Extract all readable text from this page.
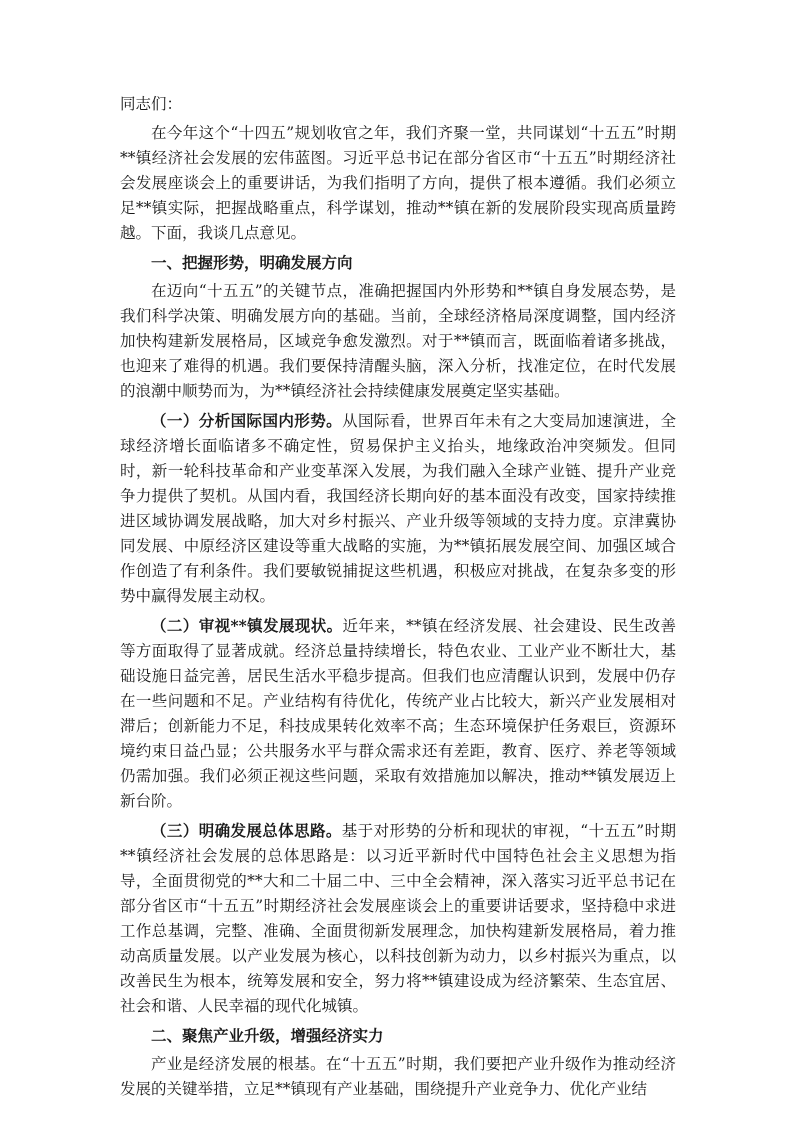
同志们：

在今年这个“十四五”规划收官之年，我们齐聚一堂，共同谋划“十五五”时期**镇经济社会发展的宏伟蓝图。习近平总书记在部分省区市“十五五”时期经济社会发展座谈会上的重要讲话，为我们指明了方向，提供了根本遵循。我们必须立足**镇实际，把握战略重点，科学谋划，推动**镇在新的发展阶段实现高质量跨越。下面，我谈几点意见。

一、把握形势，明确发展方向

在迈向“十五五”的关键节点，准确把握国内外形势和**镇自身发展态势，是我们科学决策、明确发展方向的基础。当前，全球经济格局深度调整，国内经济加快构建新发展格局，区域竞争愈发激烈。对于**镇而言，既面临着诸多挑战，也迎来了难得的机遇。我们要保持清醒头脑，深入分析，找准定位，在时代发展的浪潮中顺势而为，为**镇经济社会持续健康发展奠定坚实基础。

（一）分析国际国内形势。从国际看，世界百年未有之大变局加速演进，全球经济增长面临诸多不确定性，贸易保护主义抬头，地缘政治冲突频发。但同时，新一轮科技革命和产业变革深入发展，为我们融入全球产业链、提升产业竞争力提供了契机。从国内看，我国经济长期向好的基本面没有改变，国家持续推进区域协调发展战略，加大对乡村振兴、产业升级等领域的支持力度。京津冀协同发展、中原经济区建设等重大战略的实施，为**镇拓展发展空间、加强区域合作创造了有利条件。我们要敏锐捕捉这些机遇，积极应对挑战，在复杂多变的形势中赢得发展主动权。

（二）审视**镇发展现状。近年来，**镇在经济发展、社会建设、民生改善等方面取得了显著成就。经济总量持续增长，特色农业、工业产业不断壮大，基础设施日益完善，居民生活水平稳步提高。但我们也应清醒认识到，发展中仍存在一些问题和不足。产业结构有待优化，传统产业占比较大，新兴产业发展相对滞后；创新能力不足，科技成果转化效率不高；生态环境保护任务艰巨，资源环境约束日益凸显；公共服务水平与群众需求还有差距，教育、医疗、养老等领域仍需加强。我们必须正视这些问题，采取有效措施加以解决，推动**镇发展迈上新台阶。

（三）明确发展总体思路。基于对形势的分析和现状的审视，“十五五”时期**镇经济社会发展的总体思路是：以习近平新时代中国特色社会主义思想为指导，全面贯彻党的**大和二十届二中、三中全会精神，深入落实习近平总书记在部分省区市“十五五”时期经济社会发展座谈会上的重要讲话要求，坚持稳中求进工作总基调，完整、准确、全面贯彻新发展理念，加快构建新发展格局，着力推动高质量发展。以产业发展为核心，以科技创新为动力，以乡村振兴为重点，以改善民生为根本，统筹发展和安全，努力将**镇建设成为经济繁荣、生态宜居、社会和谐、人民幸福的现代化城镇。

二、聚焦产业升级，增强经济实力

产业是经济发展的根基。在“十五五”时期，我们要把产业升级作为推动经济发展的关键举措，立足**镇现有产业基础，围绕提升产业竞争力、优化产业结
